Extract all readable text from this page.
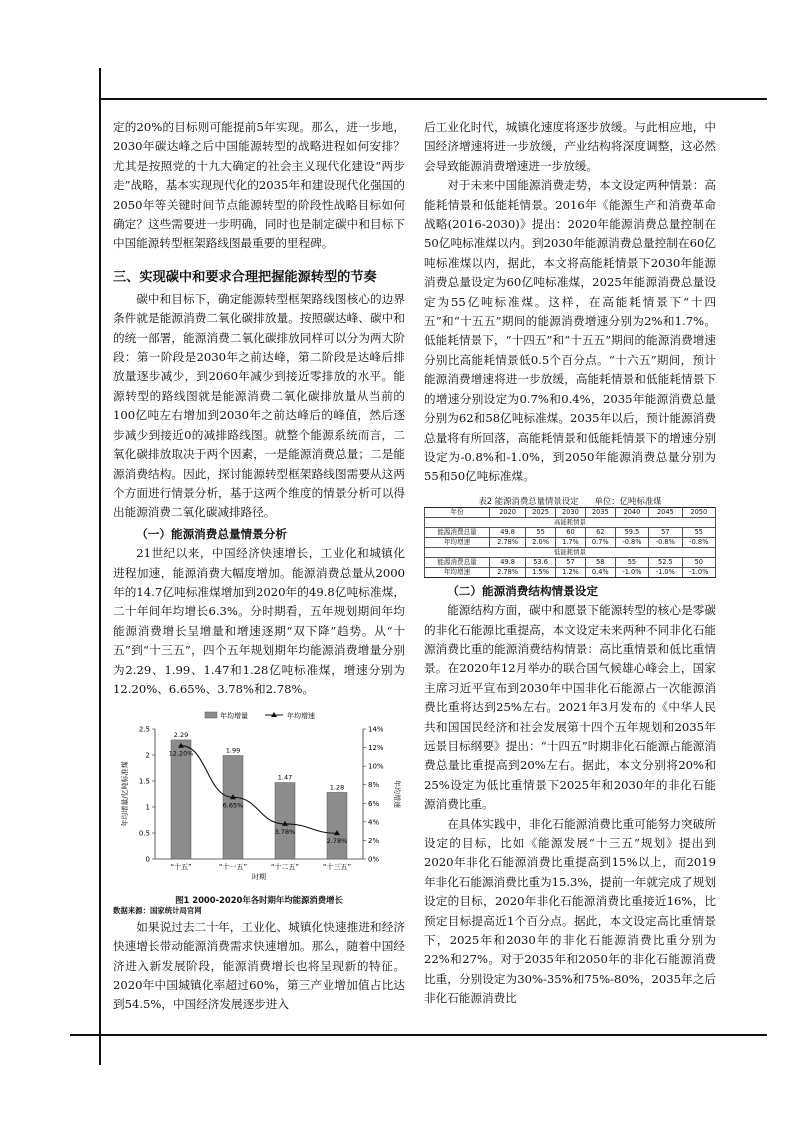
定的20%的目标则可能提前5年实现。那么，进一步地，2030年碳达峰之后中国能源转型的战略进程如何安排？尤其是按照党的十九大确定的社会主义现代化建设“两步走”战略，基本实现现代化的2035年和建设现代化强国的2050年等关键时间节点能源转型的阶段性战略目标如何确定？这些需要进一步明确，同时也是制定碳中和目标下中国能源转型框架路线图最重要的里程碑。

三、实现碳中和要求合理把握能源转型的节奏

碳中和目标下，确定能源转型框架路线图核心的边界条件就是能源消费二氧化碳排放量。按照碳达峰、碳中和的统一部署，能源消费二氧化碳排放同样可以分为两大阶段：第一阶段是2030年之前达峰，第二阶段是达峰后排放量逐步减少，到2060年减少到接近零排放的水平。能源转型的路线图就是能源消费二氧化碳排放量从当前的100亿吨左右增加到2030年之前达峰后的峰值，然后逐步减少到接近0的减排路线图。就整个能源系统而言，二氧化碳排放取决于两个因素，一是能源消费总量；二是能源消费结构。因此，探讨能源转型框架路线图需要从这两个方面进行情景分析，基于这两个维度的情景分析可以得出能源消费二氧化碳减排路径。

（一）能源消费总量情景分析

21世纪以来，中国经济快速增长，工业化和城镇化进程加速，能源消费大幅度增加。能源消费总量从2000年的14.7亿吨标准煤增加到2020年的49.8亿吨标准煤，二十年间年均增长6.3%。分时期看，五年规划期间年均能源消费增长呈增量和增速逐期“双下降”趋势。从“十五”到“十三五”，四个五年规划期年均能源消费增量分别为2.29、1.99、1.47和1.28亿吨标准煤，增速分别为12.20%、6.65%、3.78%和2.78%。

0
0.5
1
1.5
2
2.5
0%
2%
4%
6%
8%
10%
12%
14%
2.29
1.99
1.47
1.28
12.20%
6.65%
3.78%
2.78%
“十五”	“十一五”	“十二五”	“十三五”
时期
年均增量/亿吨标准煤	年均增速
年均增量	年均增速

图1 2000-2020年各时期年均能源消费增长

数据来源：国家统计局官网

如果说过去二十年，工业化、城镇化快速推进和经济快速增长带动能源消费需求快速增加。那么，随着中国经济进入新发展阶段，能源消费增长也将呈现新的特征。2020年中国城镇化率超过60%，第三产业增加值占比达到54.5%，中国经济发展逐步进入

后工业化时代，城镇化速度将逐步放缓。与此相应地，中国经济增速将进一步放缓，产业结构将深度调整，这必然会导致能源消费增速进一步放缓。

对于未来中国能源消费走势，本文设定两种情景：高能耗情景和低能耗情景。2016年《能源生产和消费革命战略(2016-2030)》提出：2020年能源消费总量控制在50亿吨标准煤以内。到2030年能源消费总量控制在60亿吨标准煤以内，据此，本文将高能耗情景下2030年能源消费总量设定为60亿吨标准煤，2025年能源消费总量设定为55亿吨标准煤。这样，在高能耗情景下“十四五”和“十五五”期间的能源消费增速分别为2%和1.7%。低能耗情景下，“十四五”和“十五五”期间的能源消费增速分别比高能耗情景低0.5个百分点。“十六五”期间，预计能源消费增速将进一步放缓，高能耗情景和低能耗情景下的增速分别设定为0.7%和0.4%，2035年能源消费总量分别为62和58亿吨标准煤。2035年以后，预计能源消费总量将有所回落，高能耗情景和低能耗情景下的增速分别设定为-0.8%和-1.0%，到2050年能源消费总量分别为55和50亿吨标准煤。

表2 能源消费总量情景设定 单位：亿吨标准煤

年份	2020	2025	2030	2035	2040	2045	2050
高能耗情景							
能源消费总量	49.8	55	60	62	59.5	57	55
年均增速	2.78%	2.0%	1.7%	0.7%	-0.8%	-0.8%	-0.8%
低能耗情景							
能源消费总量	49.8	53.6	57	58	55	52.5	50
年均增速	2.78%	1.5%	1.2%	0.4%	-1.0%	-1.0%	-1.0%
（二）能源消费结构情景设定

能源结构方面，碳中和愿景下能源转型的核心是零碳的非化石能源比重提高，本文设定未来两种不同非化石能源消费比重的能源消费结构情景：高比重情景和低比重情景。在2020年12月举办的联合国气候雄心峰会上，国家主席习近平宣布到2030年中国非化石能源占一次能源消费比重将达到25%左右。2021年3月发布的《中华人民共和国国民经济和社会发展第十四个五年规划和2035年远景目标纲要》提出：“十四五”时期非化石能源占能源消费总量比重提高到20%左右。据此，本文分别将20%和25%设定为低比重情景下2025年和2030年的非化石能源消费比重。

在具体实践中，非化石能源消费比重可能努力突破所设定的目标，比如《能源发展“十三五”规划》提出到2020年非化石能源消费比重提高到15%以上，而2019年非化石能源消费比重为15.3%，提前一年就完成了规划设定的目标，2020年非化石能源消费比重接近16%，比预定目标提高近1个百分点。据此，本文设定高比重情景下，2025年和2030年的非化石能源消费比重分别为22%和27%。对于2035年和2050年的非化石能源消费比重，分别设定为30%-35%和75%-80%，2035年之后非化石能源消费比
